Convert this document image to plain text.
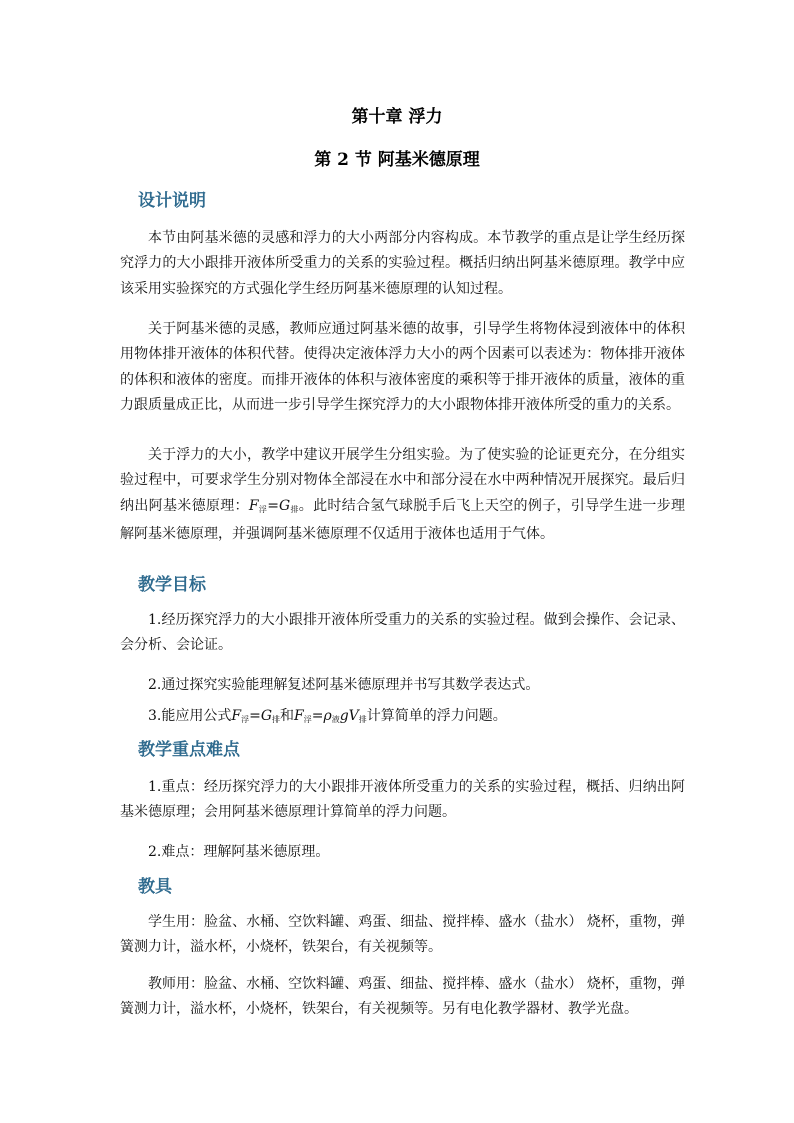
第十章 浮力
第 2 节 阿基米德原理
设计说明
本节由阿基米德的灵感和浮力的大小两部分内容构成。本节教学的重点是让学生经历探究浮力的大小跟排开液体所受重力的关系的实验过程。概括归纳出阿基米德原理。教学中应该采用实验探究的方式强化学生经历阿基米德原理的认知过程。
关于阿基米德的灵感，教师应通过阿基米德的故事，引导学生将物体浸到液体中的体积用物体排开液体的体积代替。使得决定液体浮力大小的两个因素可以表述为：物体排开液体的体积和液体的密度。而排开液体的体积与液体密度的乘积等于排开液体的质量，液体的重力跟质量成正比，从而进一步引导学生探究浮力的大小跟物体排开液体所受的重力的关系。
关于浮力的大小，教学中建议开展学生分组实验。为了使实验的论证更充分，在分组实验过程中，可要求学生分别对物体全部浸在水中和部分浸在水中两种情况开展探究。最后归纳出阿基米德原理：$F_浮=G_排$。此时结合氢气球脱手后飞上天空的例子，引导学生进一步理解阿基米德原理，并强调阿基米德原理不仅适用于液体也适用于气体。
教学目标
1.经历探究浮力的大小跟排开液体所受重力的关系的实验过程。做到会操作、会记录、会分析、会论证。
2.通过探究实验能理解复述阿基米德原理并书写其数学表达式。
3.能应用公式$F_浮=G_排$和$F_浮=\rho_液gV_排$计算简单的浮力问题。
教学重点难点
1.重点：经历探究浮力的大小跟排开液体所受重力的关系的实验过程，概括、归纳出阿基米德原理；会用阿基米德原理计算简单的浮力问题。
2.难点：理解阿基米德原理。
教具
学生用：脸盆、水桶、空饮料罐、鸡蛋、细盐、搅拌棒、盛水（盐水） 烧杯，重物，弹簧测力计，溢水杯，小烧杯，铁架台，有关视频等。
教师用：脸盆、水桶、空饮料罐、鸡蛋、细盐、搅拌棒、盛水（盐水） 烧杯，重物，弹簧测力计，溢水杯，小烧杯，铁架台，有关视频等。另有电化教学器材、教学光盘。
